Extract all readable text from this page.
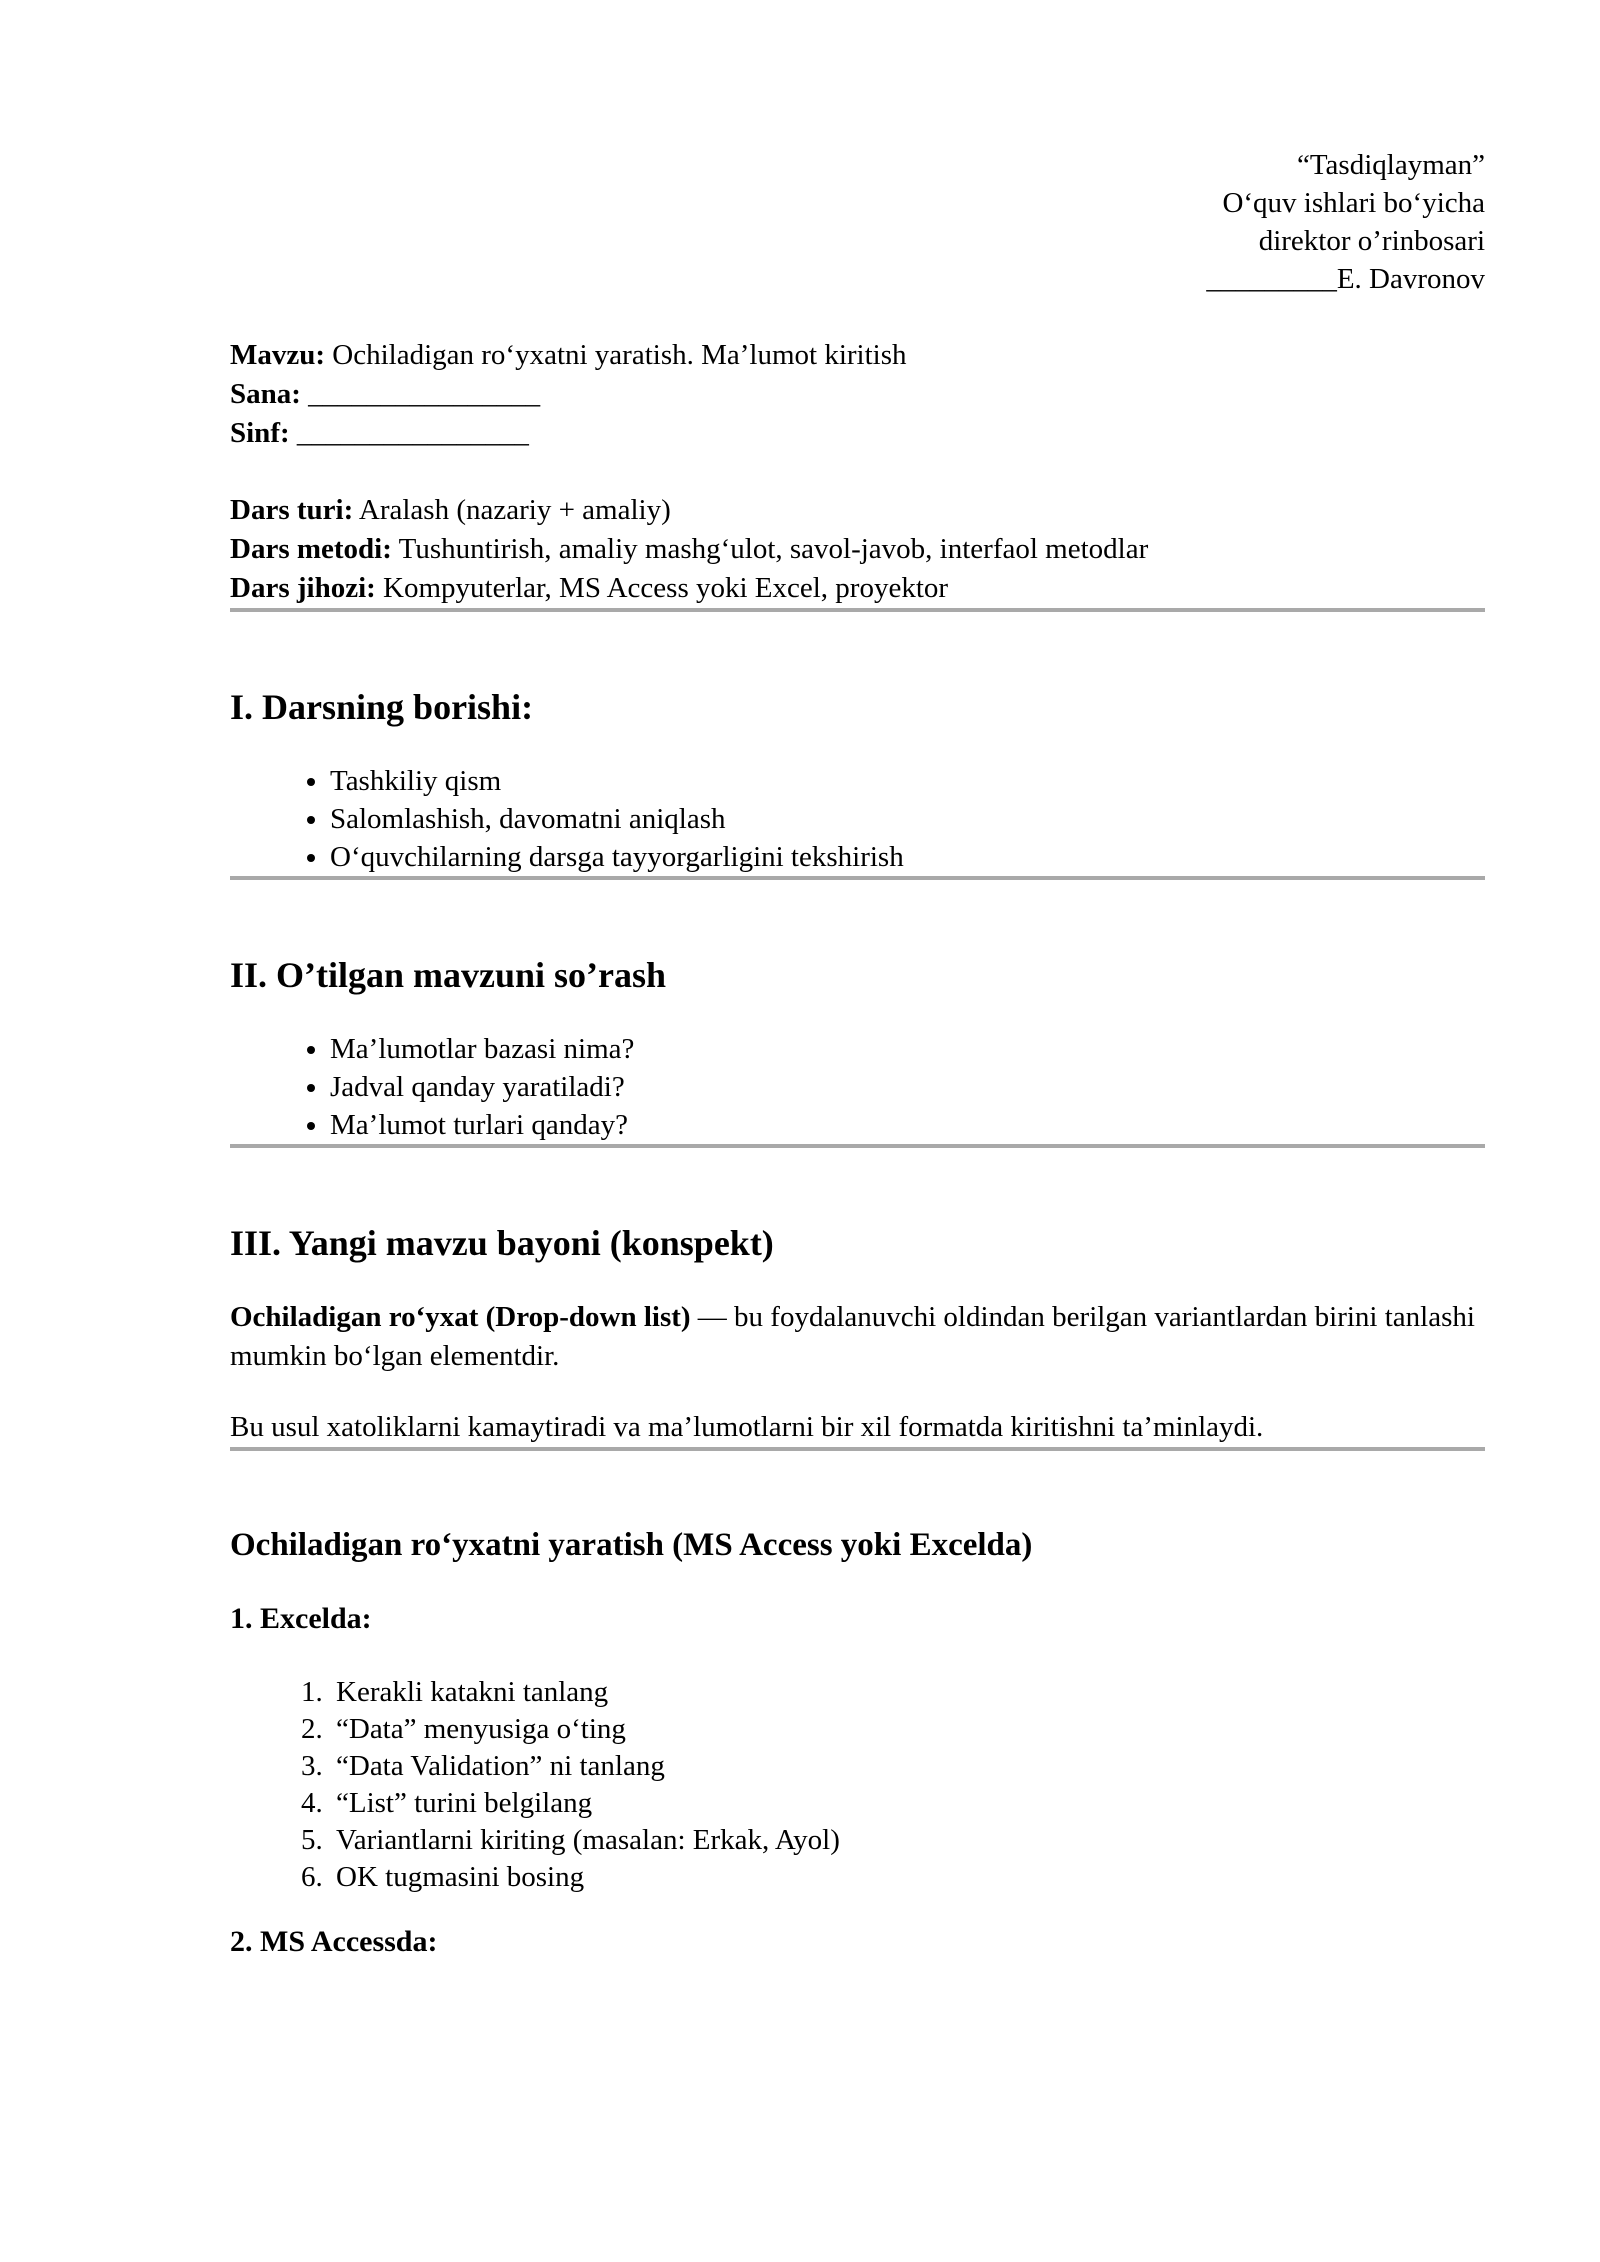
“Tasdiqlayman”

Oʻquv ishlari boʻyicha

direktor o’rinbosari

_________E. Davronov

Mavzu: Ochiladigan roʻyxatni yaratish. Ma’lumot kiritish

Sana: ________________

Sinf: ________________

Dars turi: Aralash (nazariy + amaliy)

Dars metodi: Tushuntirish, amaliy mashgʻulot, savol-javob, interfaol metodlar

Dars jihozi: Kompyuterlar, MS Access yoki Excel, proyektor

I. Darsning borishi:
• Tashkiliy qism
• Salomlashish, davomatni aniqlash
• Oʻquvchilarning darsga tayyorgarligini tekshirish
II. O’tilgan mavzuni so’rash
• Ma’lumotlar bazasi nima?
• Jadval qanday yaratiladi?
• Ma’lumot turlari qanday?
III. Yangi mavzu bayoni (konspekt)

Ochiladigan roʻyxat (Drop-down list) — bu foydalanuvchi oldindan berilgan variantlardan birini tanlashi mumkin boʻlgan elementdir.

Bu usul xatoliklarni kamaytiradi va ma’lumotlarni bir xil formatda kiritishni ta’minlaydi.

Ochiladigan roʻyxatni yaratish (MS Access yoki Excelda)
1. Excelda:
1. Kerakli katakni tanlang
2. “Data” menyusiga oʻting
3. “Data Validation” ni tanlang
4. “List” turini belgilang
5. Variantlarni kiriting (masalan: Erkak, Ayol)
6. OK tugmasini bosing
2. MS Accessda:
